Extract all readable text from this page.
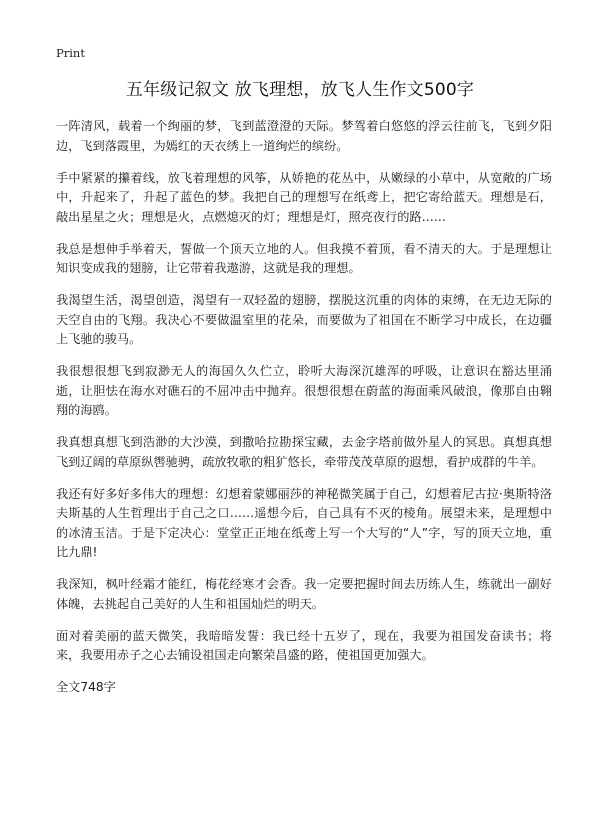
Print
五年级记叙文 放飞理想，放飞人生作文500字

一阵清风，载着一个绚丽的梦，飞到蓝澄澄的天际。梦驾着白悠悠的浮云往前飞，飞到夕阳边，飞到落霞里，为嫣红的天衣绣上一道绚烂的缤纷。

手中紧紧的攥着线，放飞着理想的风筝，从娇艳的花丛中，从嫩绿的小草中，从宽敞的广场中，升起来了，升起了蓝色的梦。我把自己的理想写在纸鸢上，把它寄给蓝天。理想是石，敲出星星之火；理想是火，点燃熄灭的灯；理想是灯，照亮夜行的路……

我总是想伸手举着天，誓做一个顶天立地的人。但我摸不着顶，看不清天的大。于是理想让知识变成我的翅膀，让它带着我遨游，这就是我的理想。

我渴望生活，渴望创造，渴望有一双轻盈的翅膀，摆脱这沉重的肉体的束缚，在无边无际的天空自由的飞翔。我决心不要做温室里的花朵，而要做为了祖国在不断学习中成长，在边疆上飞驰的骏马。

我很想很想飞到寂渺无人的海国久久伫立，聆听大海深沉雄浑的呼吸，让意识在豁达里涌逝，让胆怯在海水对礁石的不屈冲击中抛弃。很想很想在蔚蓝的海面乘风破浪，像那自由翱翔的海鸥。

我真想真想飞到浩渺的大沙漠，到撒哈拉勘探宝藏，去金字塔前做外星人的冥思。真想真想飞到辽阔的草原纵辔驰骋，疏放牧歌的粗犷悠长，牵带茂茂草原的遐想，看护成群的牛羊。

我还有好多好多伟大的理想：幻想着蒙娜丽莎的神秘微笑属于自己，幻想着尼古拉·奥斯特洛夫斯基的人生哲理出于自己之口……遥想今后，自己具有不灭的棱角。展望未来，是理想中的冰清玉洁。于是下定决心：堂堂正正地在纸鸢上写一个大写的“人”字，写的顶天立地，重比九鼎!

我深知，枫叶经霜才能红，梅花经寒才会香。我一定要把握时间去历练人生，练就出一副好体魄，去挑起自己美好的人生和祖国灿烂的明天。

面对着美丽的蓝天微笑，我暗暗发誓：我已经十五岁了，现在，我要为祖国发奋读书；将来，我要用赤子之心去铺设祖国走向繁荣昌盛的路，使祖国更加强大。

全文748字
